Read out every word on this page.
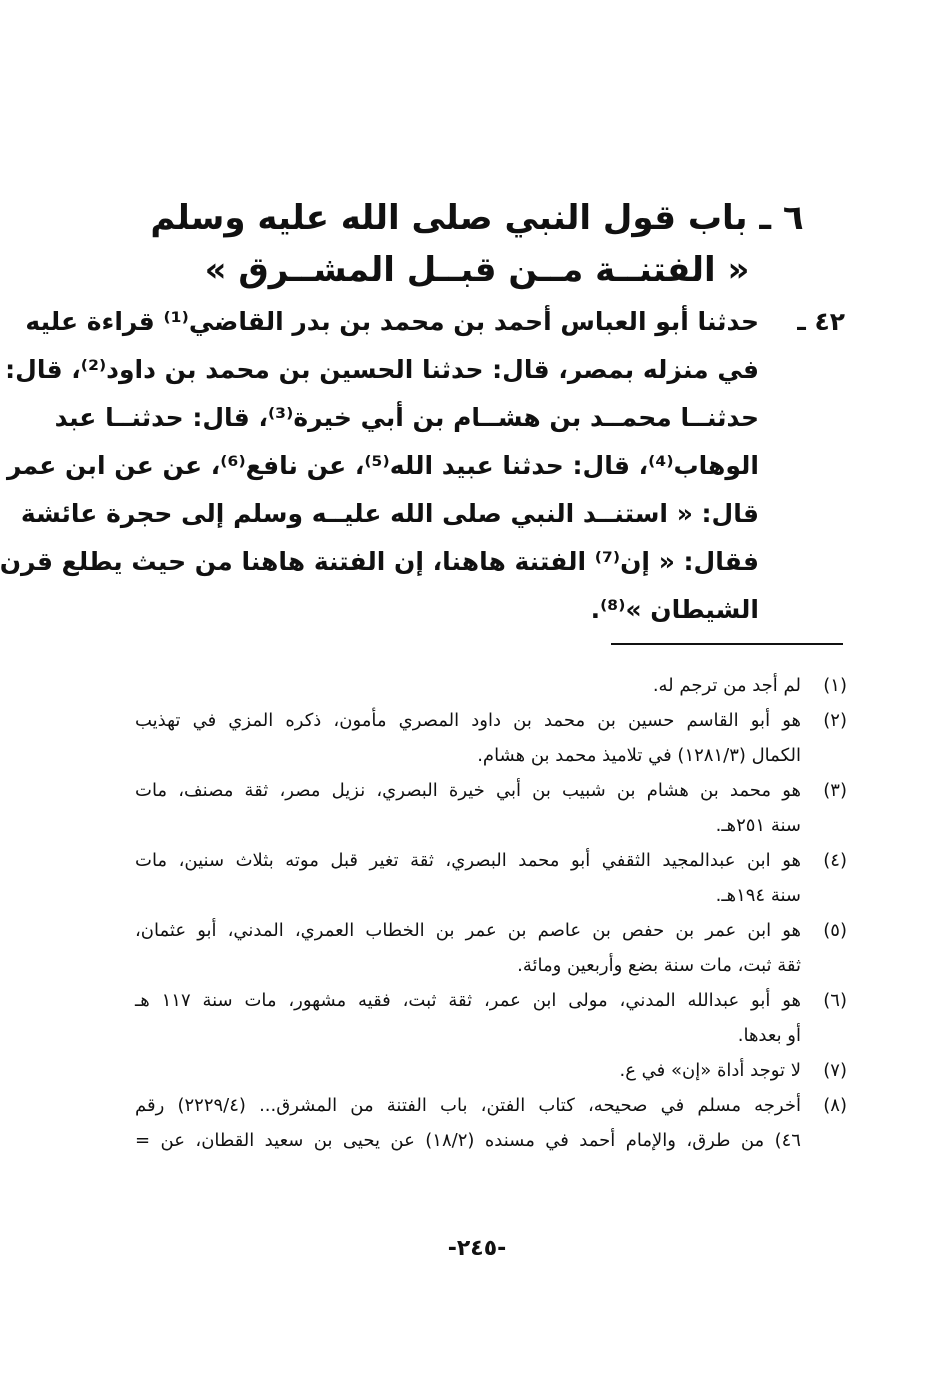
٦ ـ باب قول النبي صلى الله عليه وسلم
« الفتنــة مــن قبــل المشــرق »
٤٢ ـ
حدثنا أبو العباس أحمد بن محمد بن بدر القاضي⁽¹⁾ قراءة عليه
في منزله بمصر، قال: حدثنا الحسين بن محمد بن داود⁽²⁾، قال:
حدثنــا محمــد بن هشــام بن أبي خيرة⁽³⁾، قال: حدثنــا عبد
الوهاب⁽⁴⁾، قال: حدثنا عبيد الله⁽⁵⁾، عن نافع⁽⁶⁾، عن عن ابن عمر
قال: « استنــد النبي صلى الله عليــه وسلم إلى حجرة عائشة
فقال: « إن⁽⁷⁾ الفتنة هاهنا، إن الفتنة هاهنا من حيث يطلع قرن
الشيطان »⁽⁸⁾.
(١)
لم أجد من ترجم له.
(٢)
هو أبو القاسم حسين بن محمد بن داود المصري مأمون، ذكره المزي في تهذيب
الكمال (١٢٨١/٣) في تلاميذ محمد بن هشام.
(٣)
هو محمد بن هشام بن شبيب بن أبي خيرة البصري، نزيل مصر، ثقة مصنف، مات
سنة ٢٥١هـ.
(٤)
هو ابن عبدالمجيد الثقفي أبو محمد البصري، ثقة تغير قبل موته بثلاث سنين، مات
سنة ١٩٤هـ.
(٥)
هو ابن عمر بن حفص بن عاصم بن عمر بن الخطاب العمري، المدني، أبو عثمان،
ثقة ثبت، مات سنة بضع وأربعين ومائة.
(٦)
هو أبو عبدالله المدني، مولى ابن عمر، ثقة ثبت، فقيه مشهور، مات سنة ١١٧ هـ
أو بعدها.
(٧)
لا توجد أداة «إن» في ع.
(٨)
أخرجه مسلم في صحيحه، كتاب الفتن، باب الفتنة من المشرق... (٢٢٢٩/٤) رقم
٤٦) من طرق، والإمام أحمد في مسنده (١٨/٢) عن يحيى بن سعيد القطان، عن =
-٢٤٥-
